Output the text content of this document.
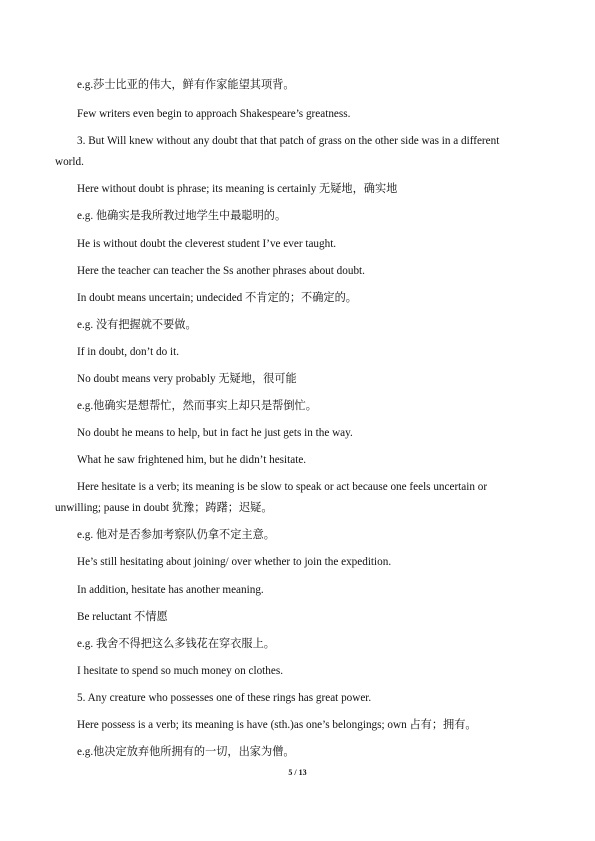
e.g.莎士比亚的伟大，鲜有作家能望其项背。
Few writers even begin to approach Shakespeare’s greatness.
3. But Will knew without any doubt that that patch of grass on the other side was in a different
world.
Here without doubt is phrase; its meaning is certainly 无疑地，确实地
e.g. 他确实是我所教过地学生中最聪明的。
He is without doubt the cleverest student I’ve ever taught.
Here the teacher can teacher the Ss another phrases about doubt.
In doubt means uncertain; undecided 不肯定的；不确定的。
e.g. 没有把握就不要做。
If in doubt, don’t do it.
No doubt means very probably 无疑地，很可能
e.g.他确实是想帮忙，然而事实上却只是帮倒忙。
No doubt he means to help, but in fact he just gets in the way.
What he saw frightened him, but he didn’t hesitate.
Here hesitate is a verb; its meaning is be slow to speak or act because one feels uncertain or
unwilling; pause in doubt 犹豫；踌躇；迟疑。
e.g. 他对是否参加考察队仍拿不定主意。
He’s still hesitating about joining/ over whether to join the expedition.
In addition, hesitate has another meaning.
Be reluctant 不情愿
e.g. 我舍不得把这么多钱花在穿衣服上。
I hesitate to spend so much money on clothes.
5. Any creature who possesses one of these rings has great power.
Here possess is a verb; its meaning is have (sth.)as one’s belongings; own 占有；拥有。
e.g.他决定放弃他所拥有的一切，出家为僧。
5 / 13
